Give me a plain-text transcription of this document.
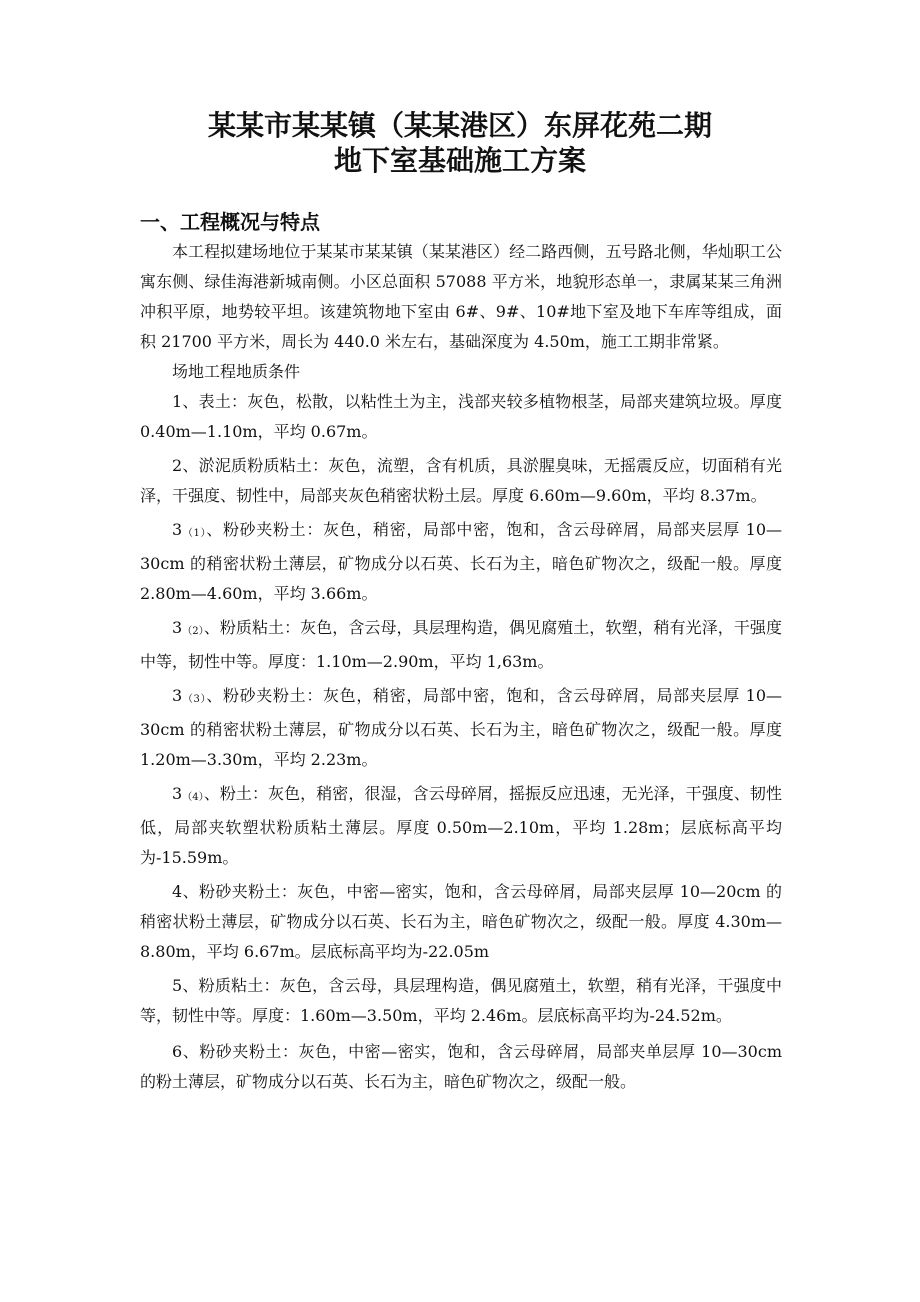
某某市某某镇（某某港区）东屏花苑二期
地下室基础施工方案
一、工程概况与特点

本工程拟建场地位于某某市某某镇（某某港区）经二路西侧，五号路北侧，华灿职工公寓东侧、绿佳海港新城南侧。小区总面积 57088 平方米，地貌形态单一，隶属某某三角洲冲积平原，地势较平坦。该建筑物地下室由 6#、9#、10#地下室及地下车库等组成，面积 21700 平方米，周长为 440.0 米左右，基础深度为 4.50m，施工工期非常紧。

场地工程地质条件

1、表土：灰色，松散，以粘性土为主，浅部夹较多植物根茎，局部夹建筑垃圾。厚度 0.40m—1.10m，平均 0.67m。

2、淤泥质粉质粘土：灰色，流塑，含有机质，具淤腥臭味，无摇震反应，切面稍有光泽，干强度、韧性中，局部夹灰色稍密状粉土层。厚度 6.60m—9.60m，平均 8.37m。

3（1）、粉砂夹粉土：灰色，稍密，局部中密，饱和，含云母碎屑，局部夹层厚 10—30cm 的稍密状粉土薄层，矿物成分以石英、长石为主，暗色矿物次之，级配一般。厚度 2.80m—4.60m，平均 3.66m。

3（2）、粉质粘土：灰色，含云母，具层理构造，偶见腐殖土，软塑，稍有光泽，干强度中等，韧性中等。厚度：1.10m—2.90m，平均 1,63m。

3（3）、粉砂夹粉土：灰色，稍密，局部中密，饱和，含云母碎屑，局部夹层厚 10—30cm 的稍密状粉土薄层，矿物成分以石英、长石为主，暗色矿物次之，级配一般。厚度 1.20m—3.30m，平均 2.23m。

3（4）、粉土：灰色，稍密，很湿，含云母碎屑，摇振反应迅速，无光泽，干强度、韧性低，局部夹软塑状粉质粘土薄层。厚度 0.50m—2.10m，平均 1.28m；层底标高平均为-15.59m。

4、粉砂夹粉土：灰色，中密—密实，饱和，含云母碎屑，局部夹层厚 10—20cm 的稍密状粉土薄层，矿物成分以石英、长石为主，暗色矿物次之，级配一般。厚度 4.30m—8.80m，平均 6.67m。层底标高平均为-22.05m

5、粉质粘土：灰色，含云母，具层理构造，偶见腐殖土，软塑，稍有光泽，干强度中等，韧性中等。厚度：1.60m—3.50m，平均 2.46m。层底标高平均为-24.52m。

6、粉砂夹粉土：灰色，中密—密实，饱和，含云母碎屑，局部夹单层厚 10—30cm 的粉土薄层，矿物成分以石英、长石为主，暗色矿物次之，级配一般。
